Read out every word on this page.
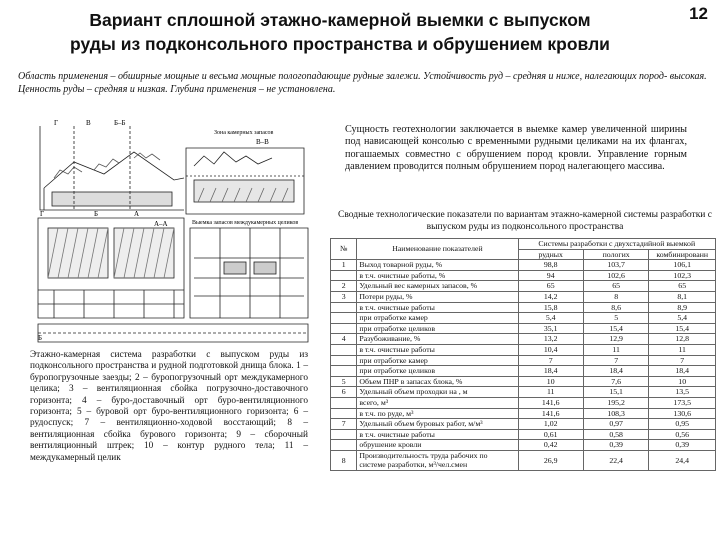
Вариант сплошной этажно-камерной выемки с выпуском
руды из подконсольного пространства и обрушением кровли
12
Область применения – обширные мощные и весьма мощные пологопадающие рудные залежи. Устойчивость руд – средняя и ниже, налегающих пород- высокая. Ценность руды – средняя и низкая. Глубина применения – не установлена.
Г	В	Б–Б
Зона камерных запасов
В–В
Г	Б	А
А–А	Выемка запасов междукамерных целиков
Б
Сущность геотехнологии заключается в выемке камер увеличенной ширины под нависающей консолью с временными рудными целиками на их флангах, погашаемых совместно с обрушением пород кровли. Управление горным давлением проводится полным обрушением пород налегающего массива.
Сводные технологические показатели по вариантам этажно-камерной системы разработки с выпуском руды из подконсольного пространства
Этажно-камерная система разработки с выпуском руды из подконсольного пространства и рудной подготовкой днища блока. 1 – буропогрузочные заезды; 2 – буропогрузочный орт междукамерного целика; 3 – вентиляционная сбойка погрузочно-доставочного горизонта; 4 – буро-доставочный орт буро-вентиляционного горизонта; 5 – буровой орт буро-вентиляционного горизонта; 6 – рудоспуск; 7 – вентиляционно-ходовой восстающий; 8 – вентиляционная сбойка бурового горизонта; 9 – сборочный вентиляционный штрек; 10 – контур рудного тела; 11 – междукамерный целик
№	Наименование показателей	Системы разработки с двухстадийной выемкой		
		рудных	пологих	комбинированн
1	Выход товарной руды, %	98,8	103,7	106,1
	в т.ч. очистные работы, %	94	102,6	102,3
2	Удельный вес камерных запасов, %	65	65	65
3	Потери руды, %	14,2	8	8,1
	в т.ч. очистные работы	15,8	8,6	8,9
	при отработке камер	5,4	5	5,4
	при отработке целиков	35,1	15,4	15,4
4	Разубоживание, %	13,2	12,9	12,8
	в т.ч. очистные работы	10,4	11	11
	при отработке камер	7	7	7
	при отработке целиков	18,4	18,4	18,4
5	Объем ПНР в запасах блока, %	10	7,6	10
6	Удельный объем проходки на , м	11	15,1	13,5
	всего, м³	141,6	195,2	173,5
	в т.ч. по руде, м³	141,6	108,3	130,6
7	Удельный объем буровых работ, м/м³	1,02	0,97	0,95
	в т.ч. очистные работы	0,61	0,58	0,56
	обрушение кровли	0,42	0,39	0,39
8	Производительность труда рабочих по системе разработки, м³/чел.смен	26,9	22,4	24,4
